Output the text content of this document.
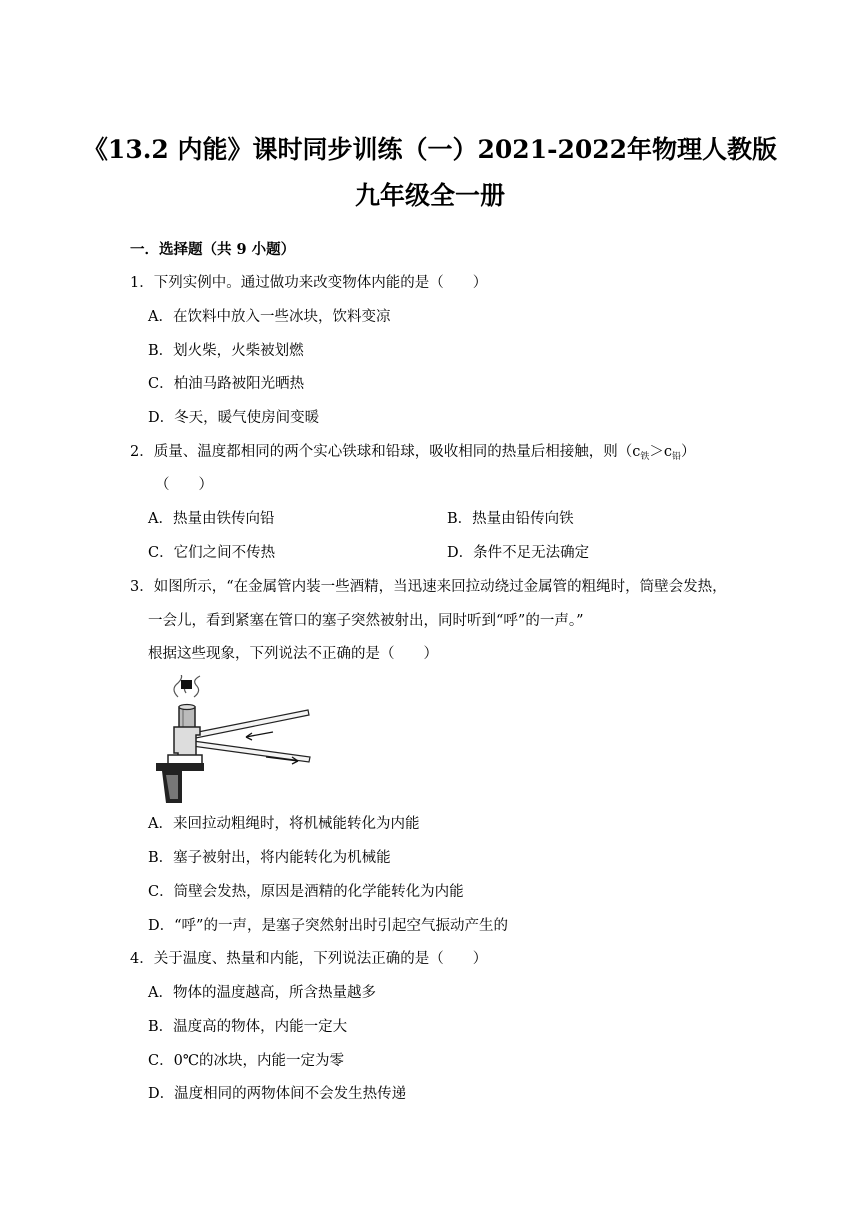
《13.2 内能》课时同步训练（一）2021-2022年物理人教版
九年级全一册
一．选择题（共 9 小题）
1．下列实例中。通过做功来改变物体内能的是（　　）
A．在饮料中放入一些冰块，饮料变凉
B．划火柴，火柴被划燃
C．柏油马路被阳光晒热
D．冬天，暖气使房间变暖
2．质量、温度都相同的两个实心铁球和铅球，吸收相同的热量后相接触，则$(c_铁>c_铅)$
（　　）
A．热量由铁传向铅	B．热量由铅传向铁
C．它们之间不传热	D．条件不足无法确定
3．如图所示，“在金属管内装一些酒精，当迅速来回拉动绕过金属管的粗绳时，筒壁会发热，
一会儿，看到紧塞在管口的塞子突然被射出，同时听到“呼”的一声。”
根据这些现象，下列说法不正确的是（　　）
A．来回拉动粗绳时，将机械能转化为内能
B．塞子被射出，将内能转化为机械能
C．筒壁会发热，原因是酒精的化学能转化为内能
D．“呼”的一声，是塞子突然射出时引起空气振动产生的
4．关于温度、热量和内能，下列说法正确的是（　　）
A．物体的温度越高，所含热量越多
B．温度高的物体，内能一定大
C．0℃的冰块，内能一定为零
D．温度相同的两物体间不会发生热传递
